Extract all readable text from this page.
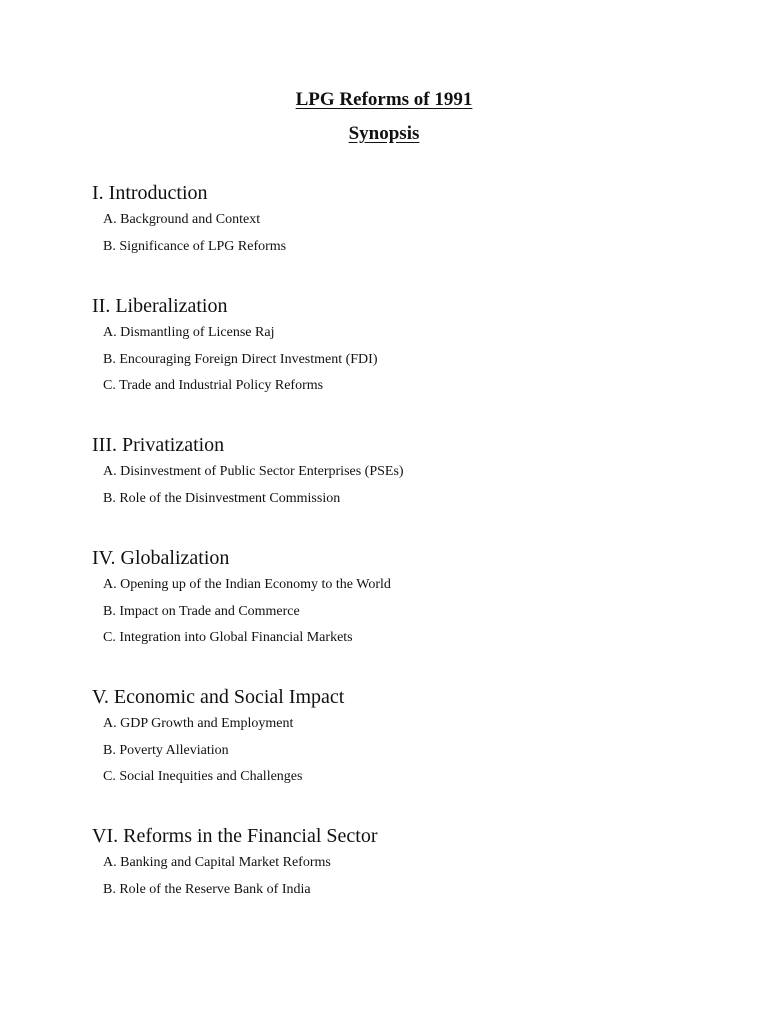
LPG Reforms of 1991
Synopsis
I. Introduction
A. Background and Context
B. Significance of LPG Reforms
II. Liberalization
A. Dismantling of License Raj
B. Encouraging Foreign Direct Investment (FDI)
C. Trade and Industrial Policy Reforms
III. Privatization
A. Disinvestment of Public Sector Enterprises (PSEs)
B. Role of the Disinvestment Commission
IV. Globalization
A. Opening up of the Indian Economy to the World
B. Impact on Trade and Commerce
C. Integration into Global Financial Markets
V. Economic and Social Impact
A. GDP Growth and Employment
B. Poverty Alleviation
C. Social Inequities and Challenges
VI. Reforms in the Financial Sector
A. Banking and Capital Market Reforms
B. Role of the Reserve Bank of India
